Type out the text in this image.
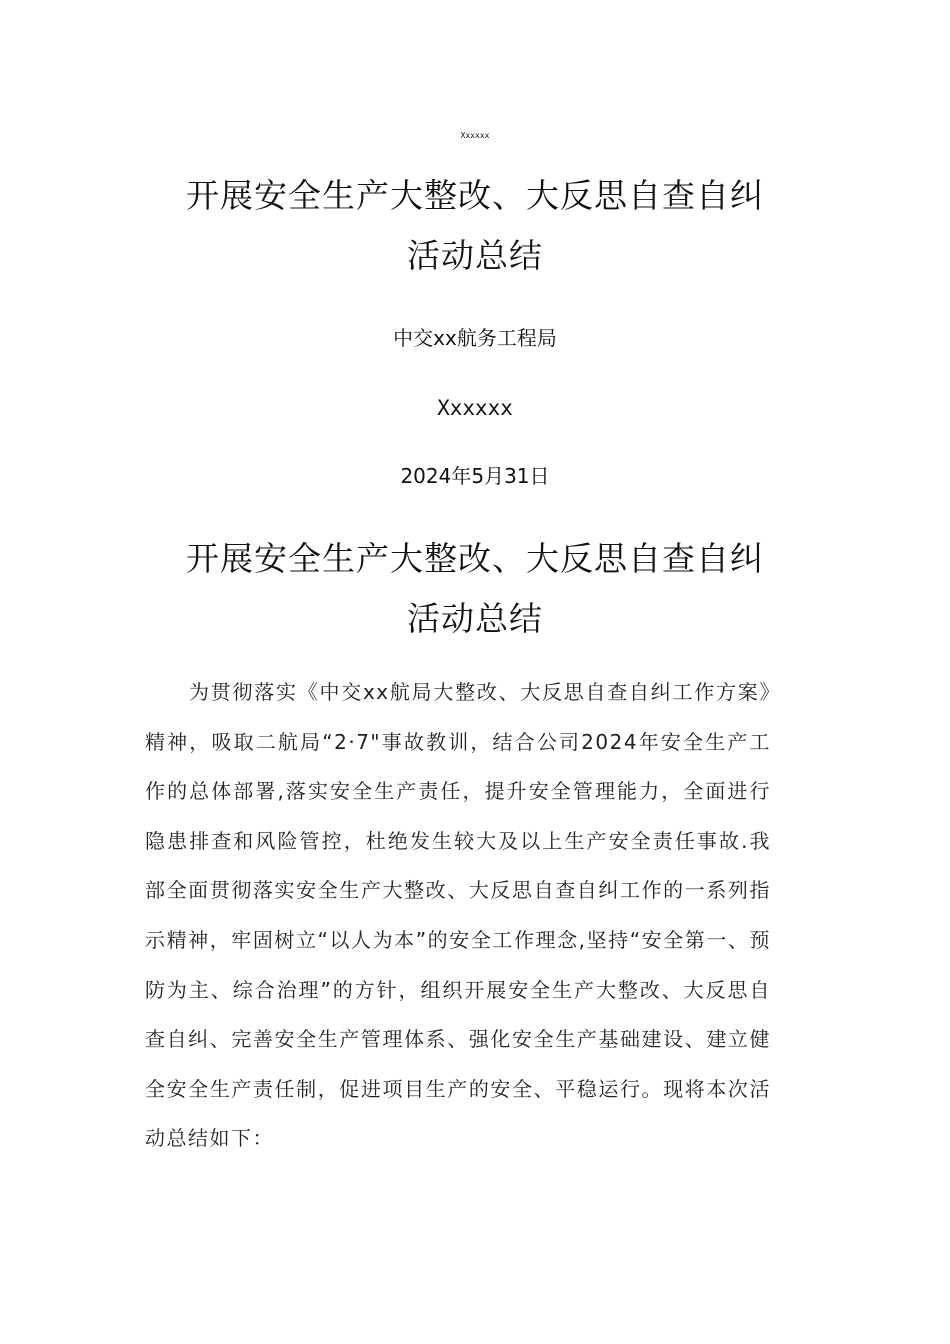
Xxxxxx
开展安全生产大整改、大反思自查自纠
活动总结

中交xx航务工程局

Xxxxxx

2024年5月31日

开展安全生产大整改、大反思自查自纠
活动总结

为贯彻落实《中交xx航局大整改、大反思自查自纠工作方案》精神，吸取二航局“2·7"事故教训，结合公司2024年安全生产工作的总体部署,落实安全生产责任，提升安全管理能力，全面进行隐患排查和风险管控，杜绝发生较大及以上生产安全责任事故.我部全面贯彻落实安全生产大整改、大反思自查自纠工作的一系列指示精神，牢固树立“以人为本”的安全工作理念,坚持“安全第一、预防为主、综合治理”的方针，组织开展安全生产大整改、大反思自查自纠、完善安全生产管理体系、强化安全生产基础建设、建立健全安全生产责任制，促进项目生产的安全、平稳运行。现将本次活动总结如下：
